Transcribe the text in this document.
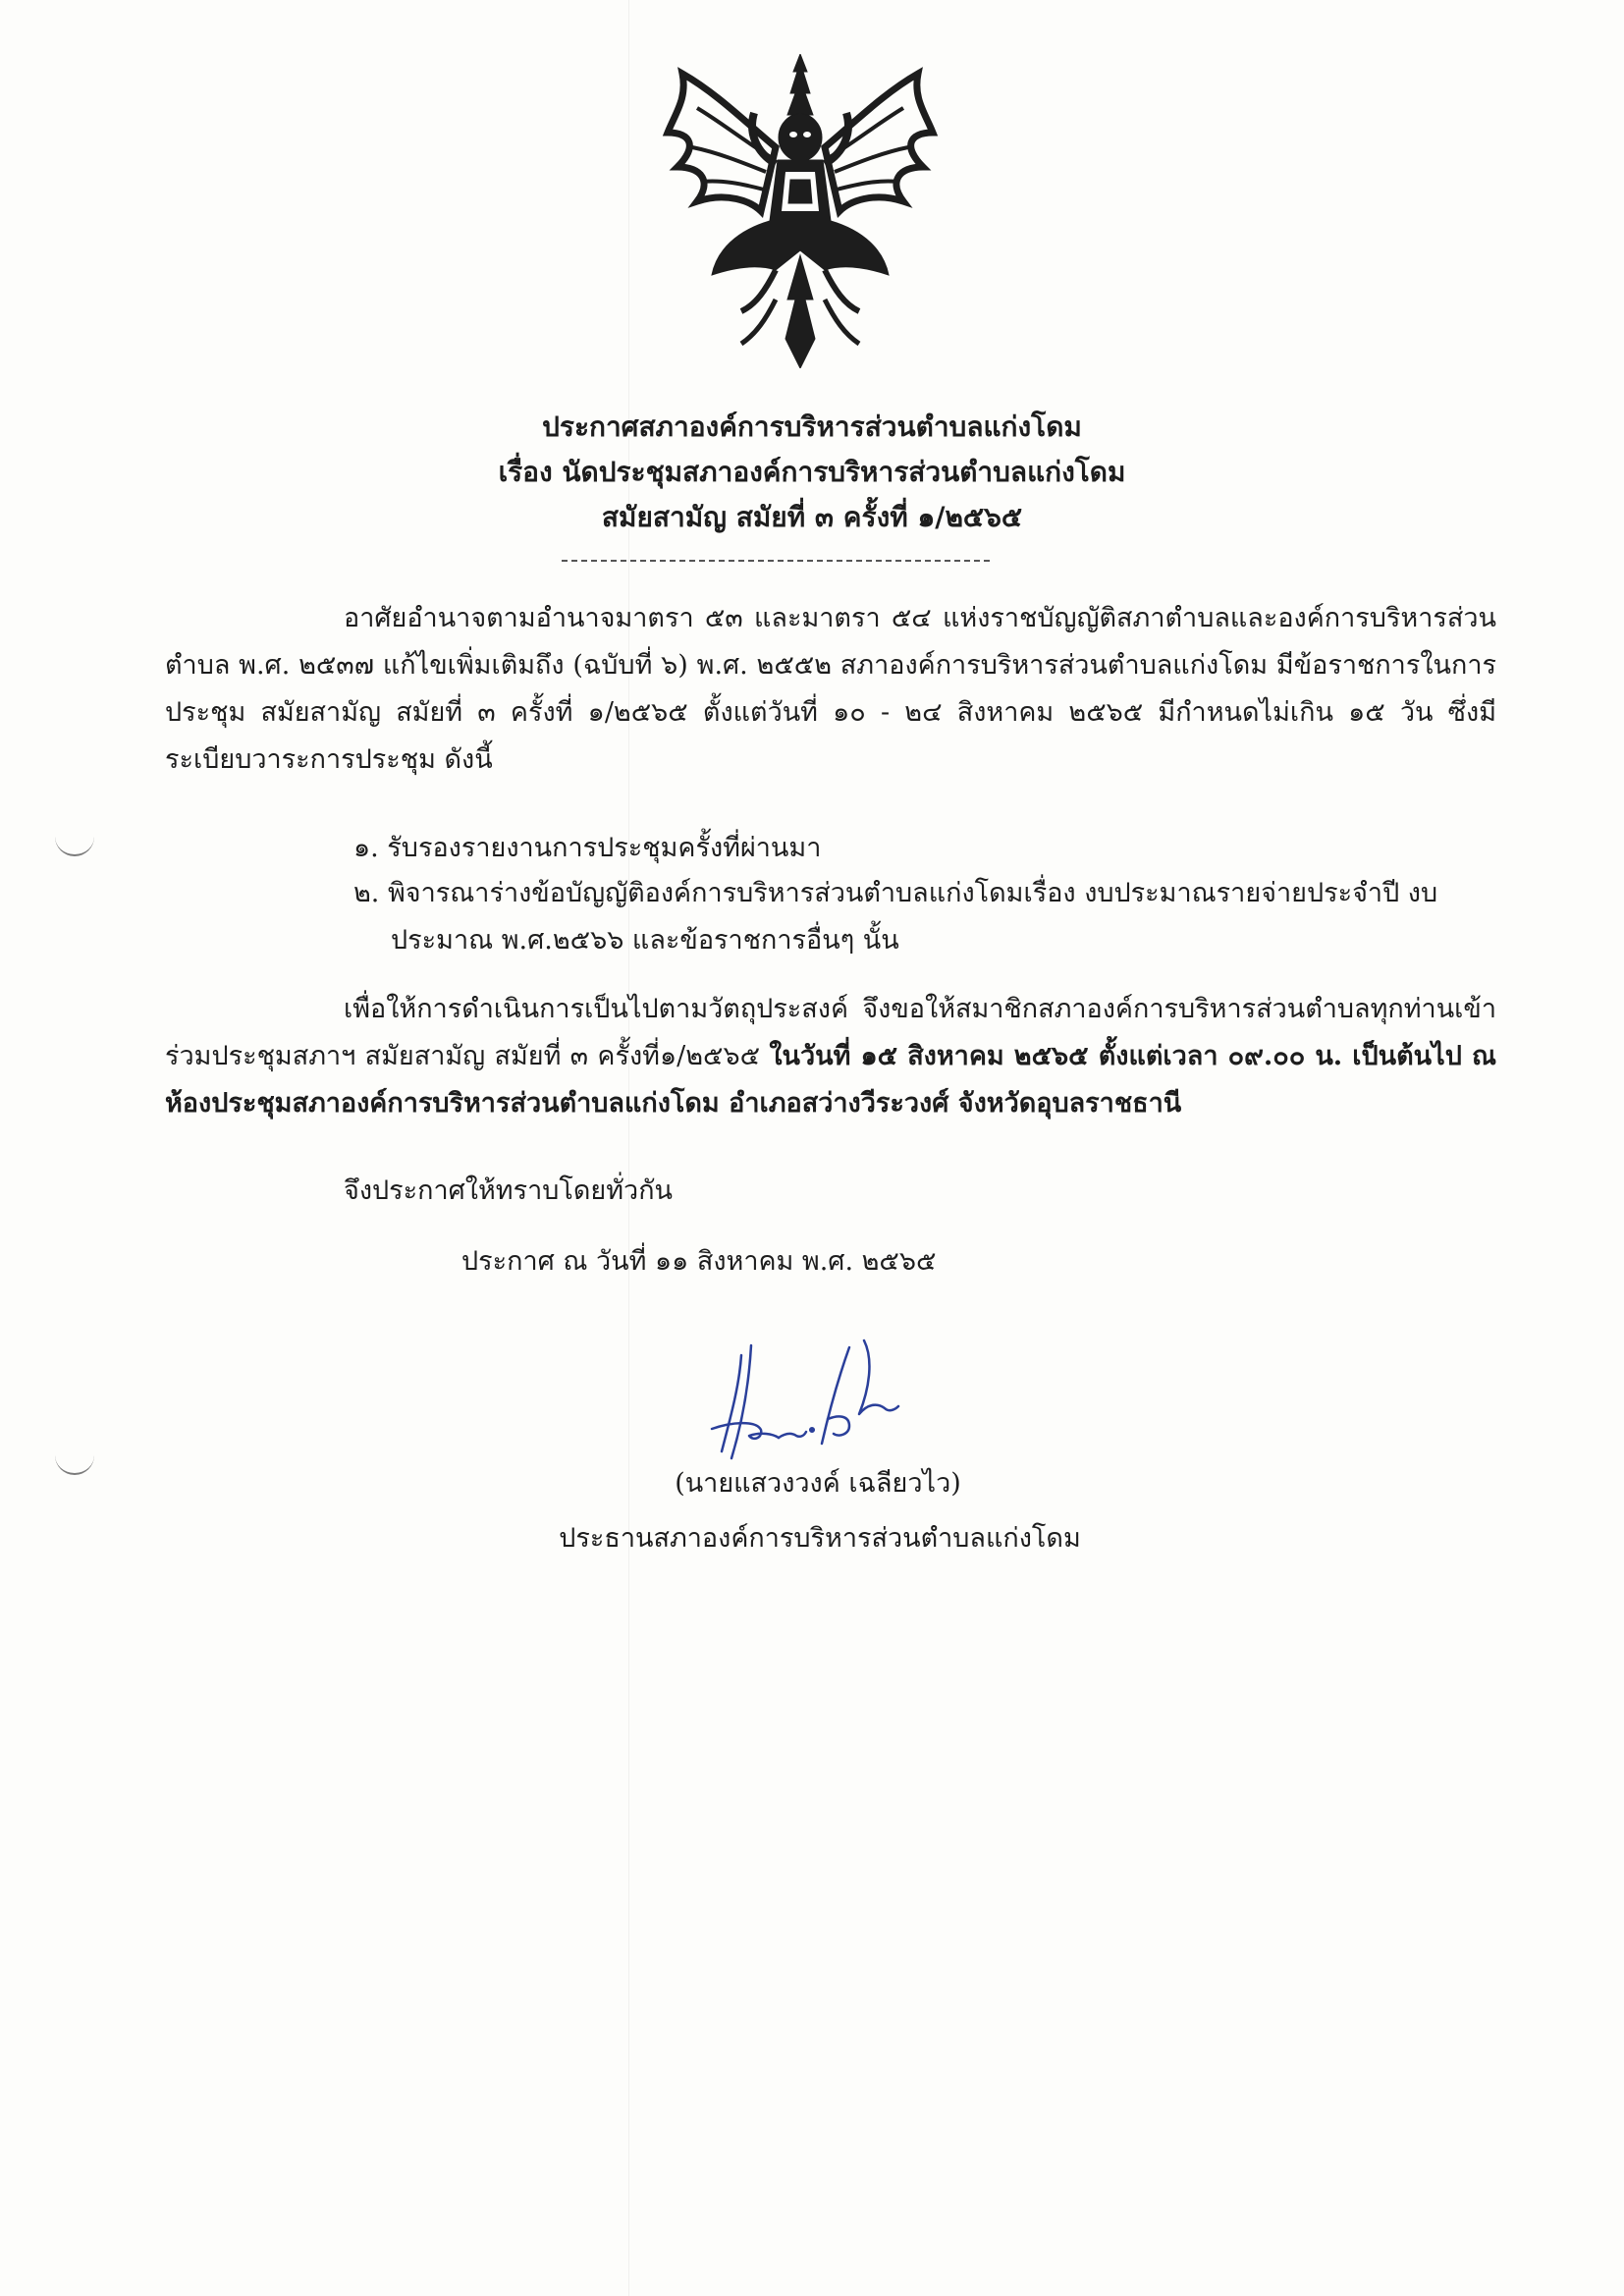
ประกาศสภาองค์การบริหารส่วนตำบลแก่งโดม
เรื่อง นัดประชุมสภาองค์การบริหารส่วนตำบลแก่งโดม
สมัยสามัญ สมัยที่ ๓ ครั้งที่ ๑/๒๕๖๕
อาศัยอำนาจตามอำนาจมาตรา ๕๓ และมาตรา ๕๔ แห่งราชบัญญัติสภาตำบลและองค์การบริหารส่วนตำบล พ.ศ. ๒๕๓๗ แก้ไขเพิ่มเติมถึง (ฉบับที่ ๖) พ.ศ. ๒๕๕๒ สภาองค์การบริหารส่วนตำบลแก่งโดม มีข้อราชการในการประชุม สมัยสามัญ สมัยที่ ๓ ครั้งที่ ๑/๒๕๖๕ ตั้งแต่วันที่ ๑๐ - ๒๔ สิงหาคม ๒๕๖๕ มีกำหนดไม่เกิน ๑๕ วัน ซึ่งมีระเบียบวาระการประชุม ดังนี้
๑. รับรองรายงานการประชุมครั้งที่ผ่านมา
๒. พิจารณาร่างข้อบัญญัติองค์การบริหารส่วนตำบลแก่งโดมเรื่อง งบประมาณรายจ่ายประจำปี งบประมาณ พ.ศ.๒๕๖๖ และข้อราชการอื่นๆ นั้น
เพื่อให้การดำเนินการเป็นไปตามวัตถุประสงค์ จึงขอให้สมาชิกสภาองค์การบริหารส่วนตำบลทุกท่านเข้าร่วมประชุมสภาฯ สมัยสามัญ สมัยที่ ๓ ครั้งที่๑/๒๕๖๕ ในวันที่ ๑๕ สิงหาคม ๒๕๖๕ ตั้งแต่เวลา ๐๙.๐๐ น. เป็นต้นไป ณ ห้องประชุมสภาองค์การบริหารส่วนตำบลแก่งโดม อำเภอสว่างวีระวงศ์ จังหวัดอุบลราชธานี
จึงประกาศให้ทราบโดยทั่วกัน
ประกาศ ณ วันที่ ๑๑ สิงหาคม พ.ศ. ๒๕๖๕
(นายแสวงวงค์ เฉลียวไว)
ประธานสภาองค์การบริหารส่วนตำบลแก่งโดม
